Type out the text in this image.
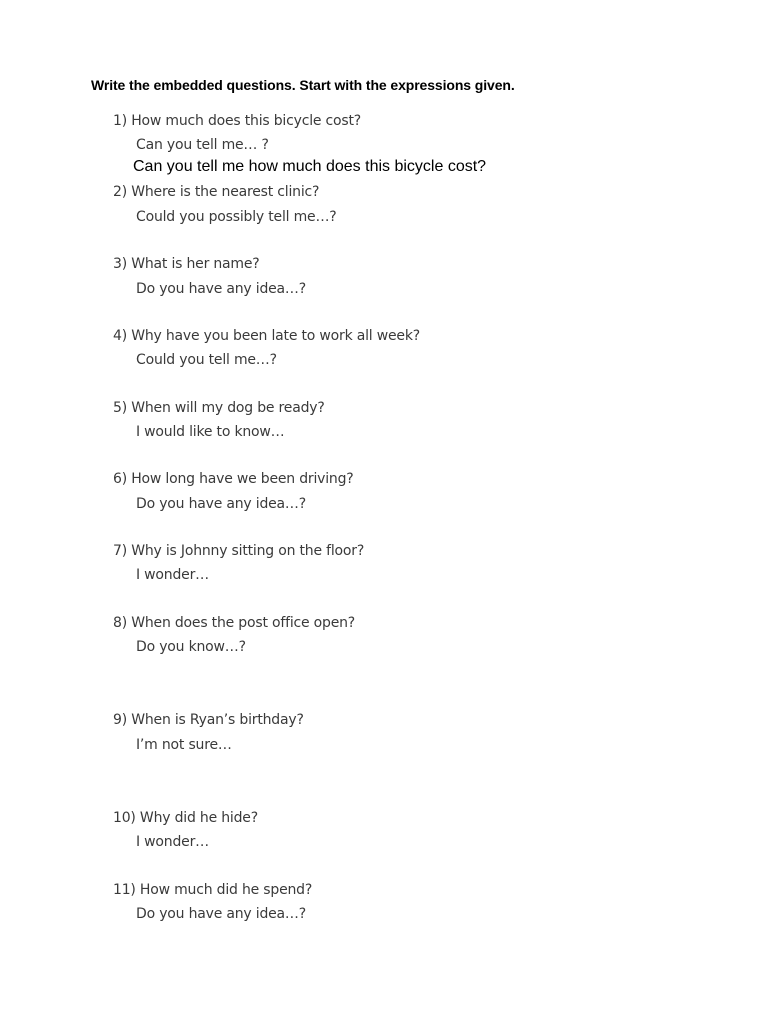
Write the embedded questions. Start with the expressions given.
1) How much does this bicycle cost?
Can you tell me… ?
Can you tell me how much does this bicycle cost?
2) Where is the nearest clinic?
Could you possibly tell me…?
3) What is her name?
Do you have any idea…?
4) Why have you been late to work all week?
Could you tell me…?
5) When will my dog be ready?
I would like to know…
6) How long have we been driving?
Do you have any idea…?
7) Why is Johnny sitting on the floor?
I wonder…
8) When does the post office open?
Do you know…?
9) When is Ryan’s birthday?
I’m not sure…
10) Why did he hide?
I wonder…
11) How much did he spend?
Do you have any idea…?
